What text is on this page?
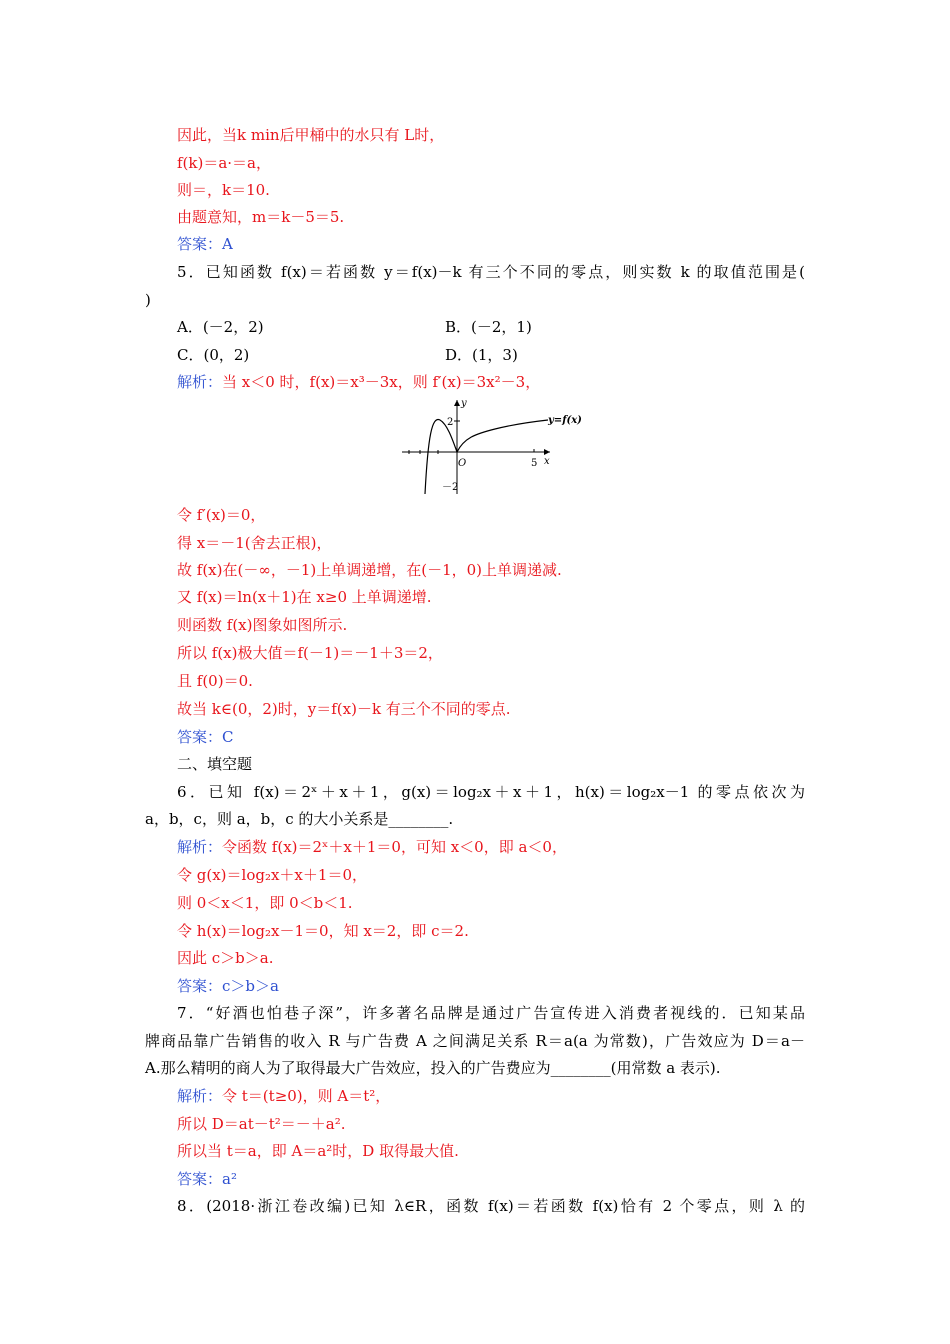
因此，当k min后甲桶中的水只有 L时，
f(k)＝a·＝a，
则＝，k＝10.
由题意知，m＝k－5＝5.
答案：A
5．已知函数 f(x)＝若函数 y＝f(x)－k 有三个不同的零点，则实数 k 的取值范围是(
)
A．(－2，2)	B．(－2，1)
C．(0，2)	D．(1，3)
解析：当 x＜0 时，f(x)＝x³－3x，则 f′(x)＝3x²－3，
y
x
O
2
－2
5
y=f(x)
令 f′(x)＝0，
得 x＝－1(舍去正根)，
故 f(x)在(－∞，－1)上单调递增，在(－1，0)上单调递减.
又 f(x)＝ln(x＋1)在 x≥0 上单调递增.
则函数 f(x)图象如图所示.
所以 f(x)极大值＝f(－1)＝－1＋3＝2，
且 f(0)＝0.
故当 k∈(0，2)时，y＝f(x)－k 有三个不同的零点.
答案：C
二、填空题
6．已知 f(x)＝2ˣ＋x＋1，g(x)＝log₂x＋x＋1，h(x)＝log₂x－1 的零点依次为
a，b，c，则 a，b，c 的大小关系是________.
解析：令函数 f(x)＝2ˣ＋x＋1＝0，可知 x＜0，即 a＜0，
令 g(x)＝log₂x＋x＋1＝0，
则 0＜x＜1，即 0＜b＜1.
令 h(x)＝log₂x－1＝0，知 x＝2，即 c＝2.
因此 c＞b＞a.
答案：c＞b＞a
7．“好酒也怕巷子深”，许多著名品牌是通过广告宣传进入消费者视线的．已知某品
牌商品靠广告销售的收入 R 与广告费 A 之间满足关系 R＝a(a 为常数)，广告效应为 D＝a－
A.那么精明的商人为了取得最大广告效应，投入的广告费应为________(用常数 a 表示).
解析：令 t＝(t≥0)，则 A＝t²，
所以 D＝at－t²＝－＋a².
所以当 t＝a，即 A＝a²时，D 取得最大值.
答案：a²
8．(2018·浙江卷改编)已知 λ∈R，函数 f(x)＝若函数 f(x)恰有 2 个零点，则 λ 的
